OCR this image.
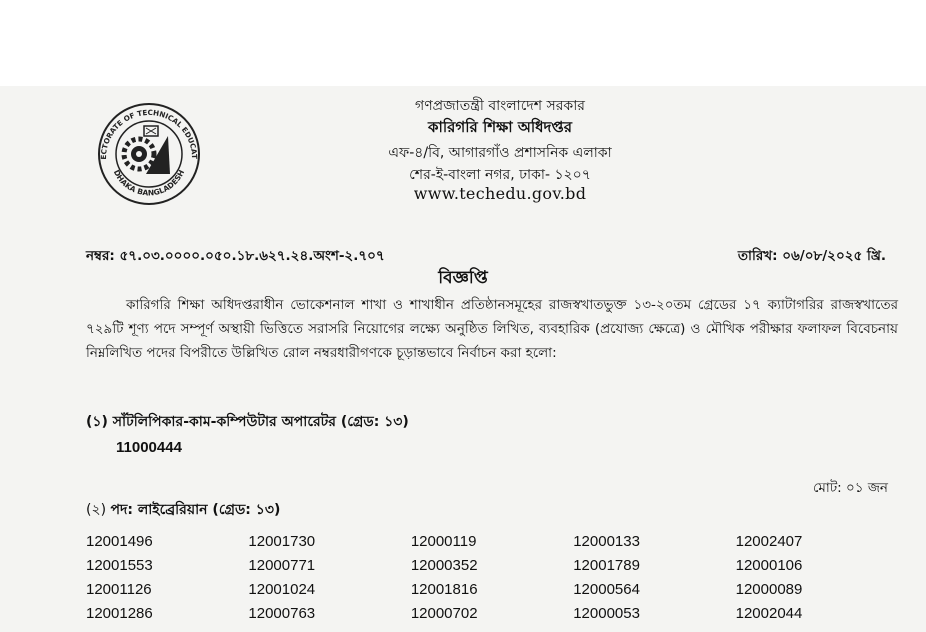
ECTORATE OF TECHNICAL EDUCAT
DHAKA BANGLADESH
গণপ্রজাতন্ত্রী বাংলাদেশ সরকার
কারিগরি শিক্ষা অধিদপ্তর
এফ-৪/বি, আগারগাঁও প্রশাসনিক এলাকা
শের-ই-বাংলা নগর, ঢাকা- ১২০৭
www.techedu.gov.bd
নম্বর: ৫৭.০৩.০০০০.০৫০.১৮.৬২৭.২৪.অংশ-২.৭০৭	তারিখ: ০৬/০৮/২০২৫ খ্রি.
বিজ্ঞপ্তি
কারিগরি শিক্ষা অধিদপ্তরাধীন ভোকেশনাল শাখা ও শাখাধীন প্রতিষ্ঠানসমূহের রাজস্বখাতভুক্ত ১৩-২০তম গ্রেডের ১৭ ক্যাটাগরির রাজস্বখাতের ৭২৯টি শূণ্য পদে সম্পূর্ণ অস্থায়ী ভিত্তিতে সরাসরি নিয়োগের লক্ষ্যে অনুষ্ঠিত লিখিত, ব্যবহারিক (প্রযোজ্য ক্ষেত্রে) ও মৌখিক পরীক্ষার ফলাফল বিবেচনায় নিম্নলিখিত পদের বিপরীতে উল্লিখিত রোল নম্বরধারীগণকে চূড়ান্তভাবে নির্বাচন করা হলো:
(১) সাঁটলিপিকার-কাম-কম্পিউটার অপারেটর (গ্রেড: ১৩)
11000444
মোট: ০১ জন
(২) পদ: লাইব্রেরিয়ান (গ্রেড: ১৩)
12001496	12001730	12000119	12000133	12002407
12001553	12000771	12000352	12001789	12000106
12001126	12001024	12001816	12000564	12000089
12001286	12000763	12000702	12000053	12002044
